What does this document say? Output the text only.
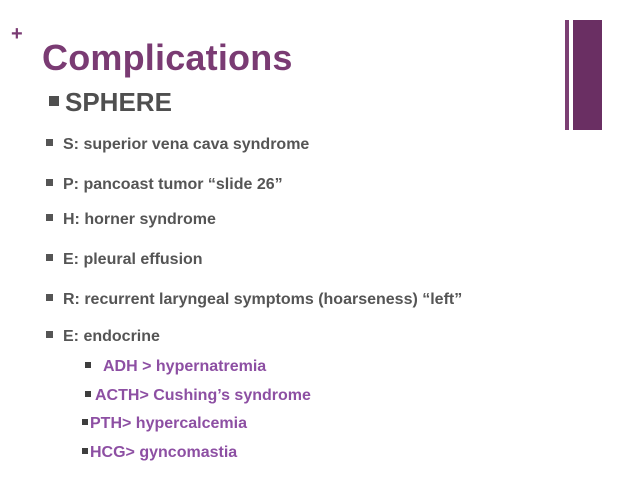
+
Complications
SPHERE
S: superior vena cava syndrome
P: pancoast tumor “slide 26”
H: horner syndrome
E: pleural effusion
R: recurrent laryngeal symptoms (hoarseness) “left”
E: endocrine
ADH > hypernatremia
ACTH> Cushing’s syndrome
PTH> hypercalcemia
HCG> gyncomastia
